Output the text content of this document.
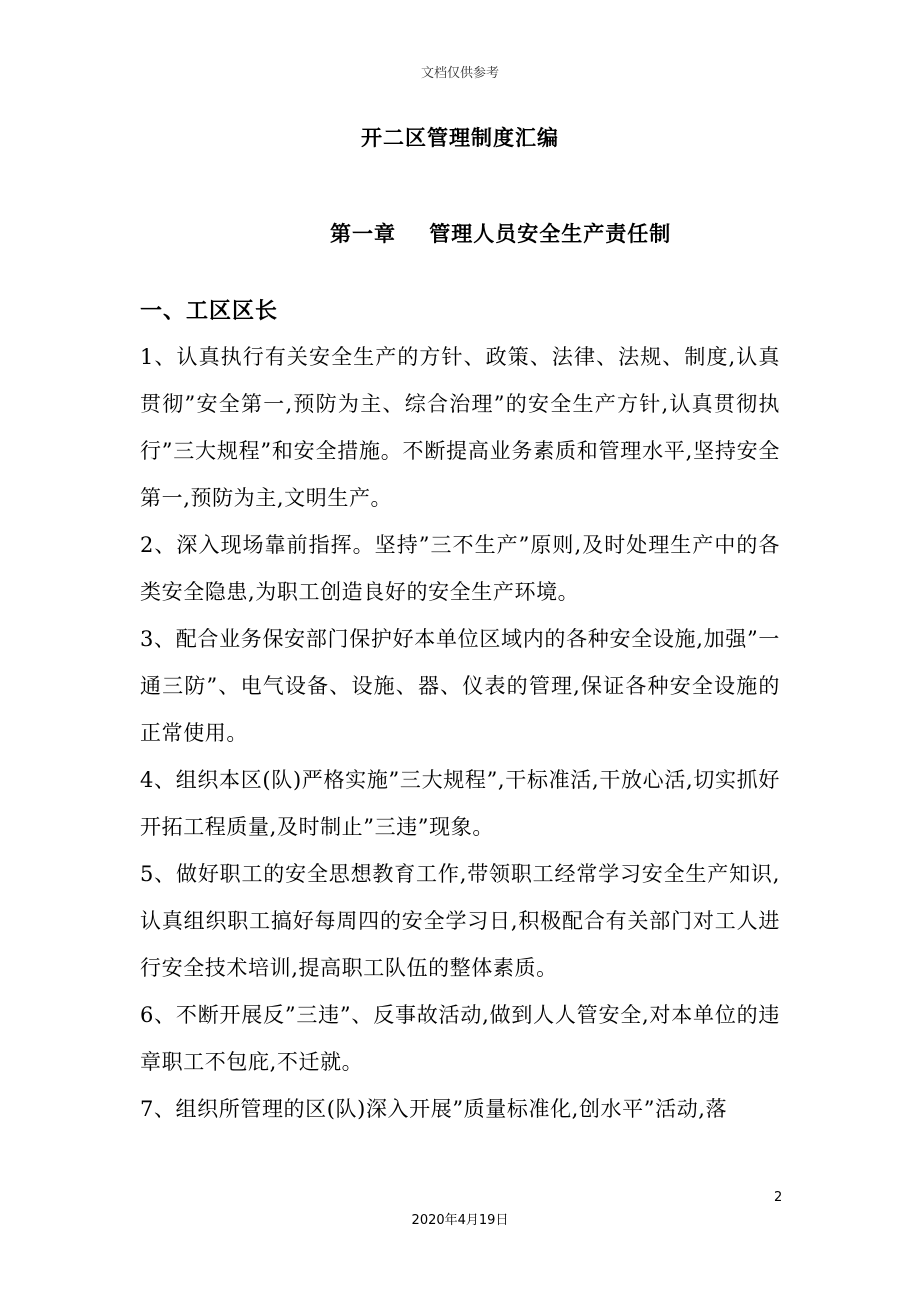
文档仅供参考
开二区管理制度汇编
第一章    管理人员安全生产责任制
一、工区区长

1、认真执行有关安全生产的方针、政策、法律、法规、制度,认真贯彻”安全第一,预防为主、综合治理”的安全生产方针,认真贯彻执行”三大规程”和安全措施。不断提高业务素质和管理水平,坚持安全第一,预防为主,文明生产。

2、深入现场靠前指挥。坚持”三不生产”原则,及时处理生产中的各类安全隐患,为职工创造良好的安全生产环境。

3、配合业务保安部门保护好本单位区域内的各种安全设施,加强”一通三防”、电气设备、设施、器、仪表的管理,保证各种安全设施的正常使用。

4、组织本区(队)严格实施”三大规程”,干标准活,干放心活,切实抓好开拓工程质量,及时制止”三违”现象。

5、做好职工的安全思想教育工作,带领职工经常学习安全生产知识,认真组织职工搞好每周四的安全学习日,积极配合有关部门对工人进行安全技术培训,提高职工队伍的整体素质。

6、不断开展反”三违”、反事故活动,做到人人管安全,对本单位的违章职工不包庇,不迁就。

7、组织所管理的区(队)深入开展”质量标准化,创水平”活动,落

2
2020年4月19日
